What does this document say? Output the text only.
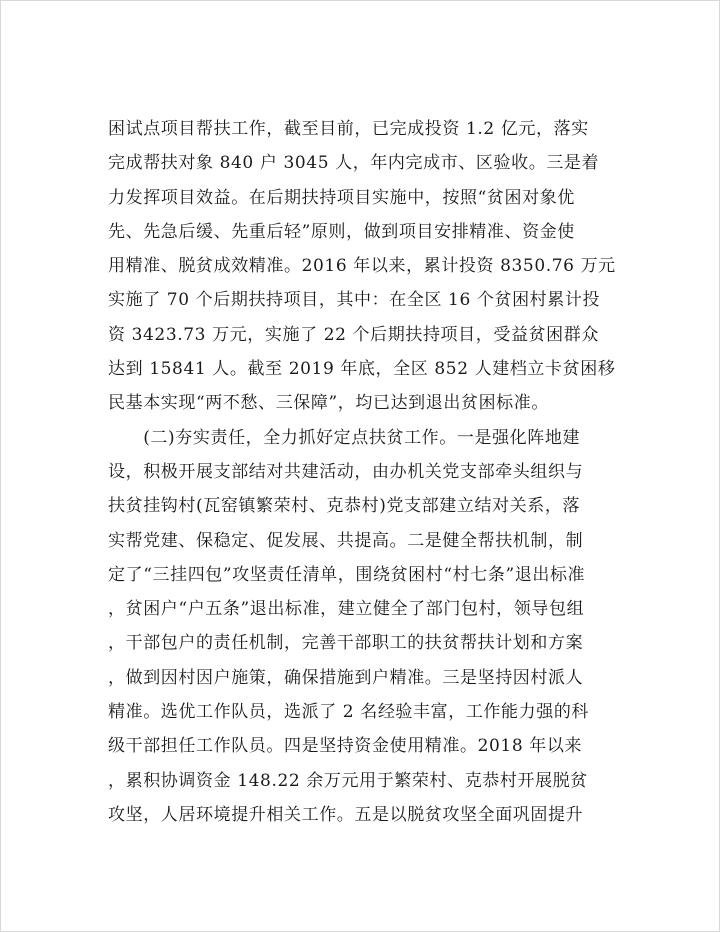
困试点项目帮扶工作，截至目前，已完成投资 1.2 亿元，落实
完成帮扶对象 840 户 3045 人，年内完成市、区验收。三是着
力发挥项目效益。在后期扶持项目实施中，按照“贫困对象优
先、先急后缓、先重后轻”原则，做到项目安排精准、资金使
用精准、脱贫成效精准。2016 年以来，累计投资 8350.76 万元
实施了 70 个后期扶持项目，其中：在全区 16 个贫困村累计投
资 3423.73 万元，实施了 22 个后期扶持项目，受益贫困群众
达到 15841 人。截至 2019 年底，全区 852 人建档立卡贫困移
民基本实现“两不愁、三保障”，均已达到退出贫困标准。
　　(二)夯实责任，全力抓好定点扶贫工作。一是强化阵地建
设，积极开展支部结对共建活动，由办机关党支部牵头组织与
扶贫挂钩村(瓦窑镇繁荣村、克恭村)党支部建立结对关系，落
实帮党建、保稳定、促发展、共提高。二是健全帮扶机制，制
定了“三挂四包”攻坚责任清单，围绕贫困村“村七条”退出标准
，贫困户“户五条”退出标准，建立健全了部门包村，领导包组
，干部包户的责任机制，完善干部职工的扶贫帮扶计划和方案
，做到因村因户施策，确保措施到户精准。三是坚持因村派人
精准。选优工作队员，选派了 2 名经验丰富，工作能力强的科
级干部担任工作队员。四是坚持资金使用精准。2018 年以来
，累积协调资金 148.22 余万元用于繁荣村、克恭村开展脱贫
攻坚，人居环境提升相关工作。五是以脱贫攻坚全面巩固提升
